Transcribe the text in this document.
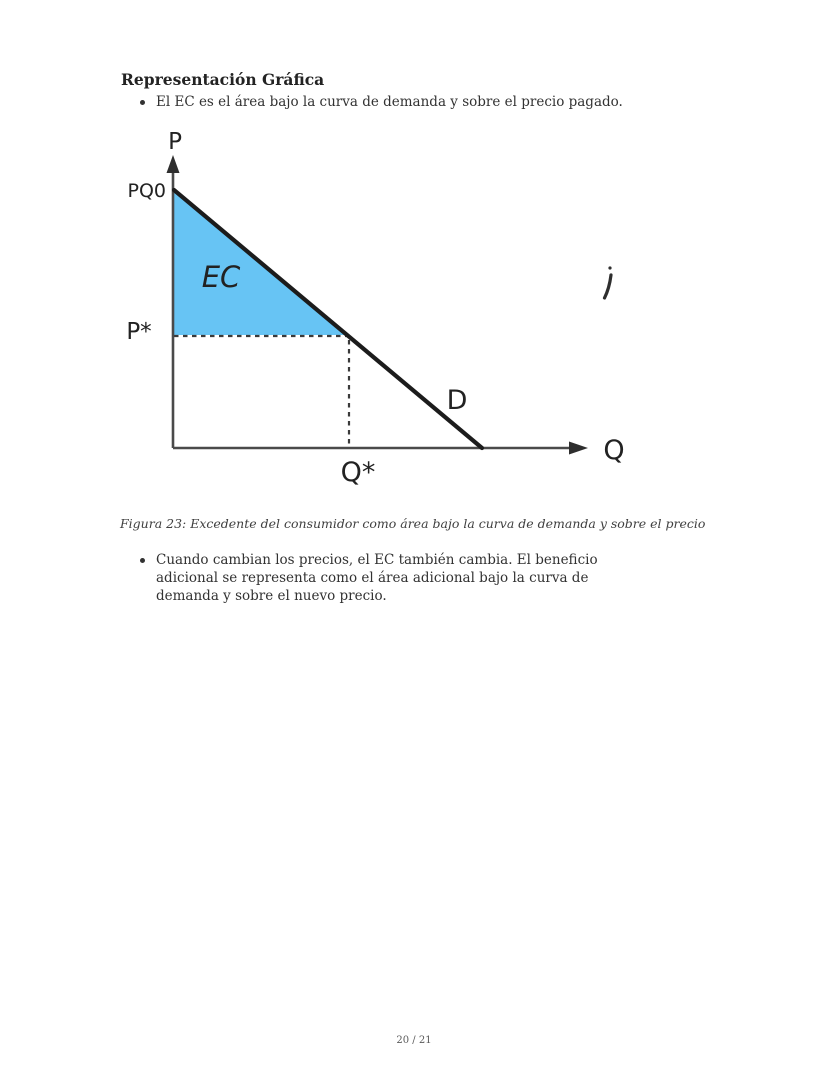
Representación Gráfica
El EC es el área bajo la curva de demanda y sobre el precio pagado.
P
PQ0
P*
EC
D
Q
Q*

Figura 23: Excedente del consumidor como área bajo la curva de demanda y sobre el precio

Cuando cambian los precios, el EC también cambia. El beneficio adicional se representa como el área adicional bajo la curva de demanda y sobre el nuevo precio.
20 / 21
